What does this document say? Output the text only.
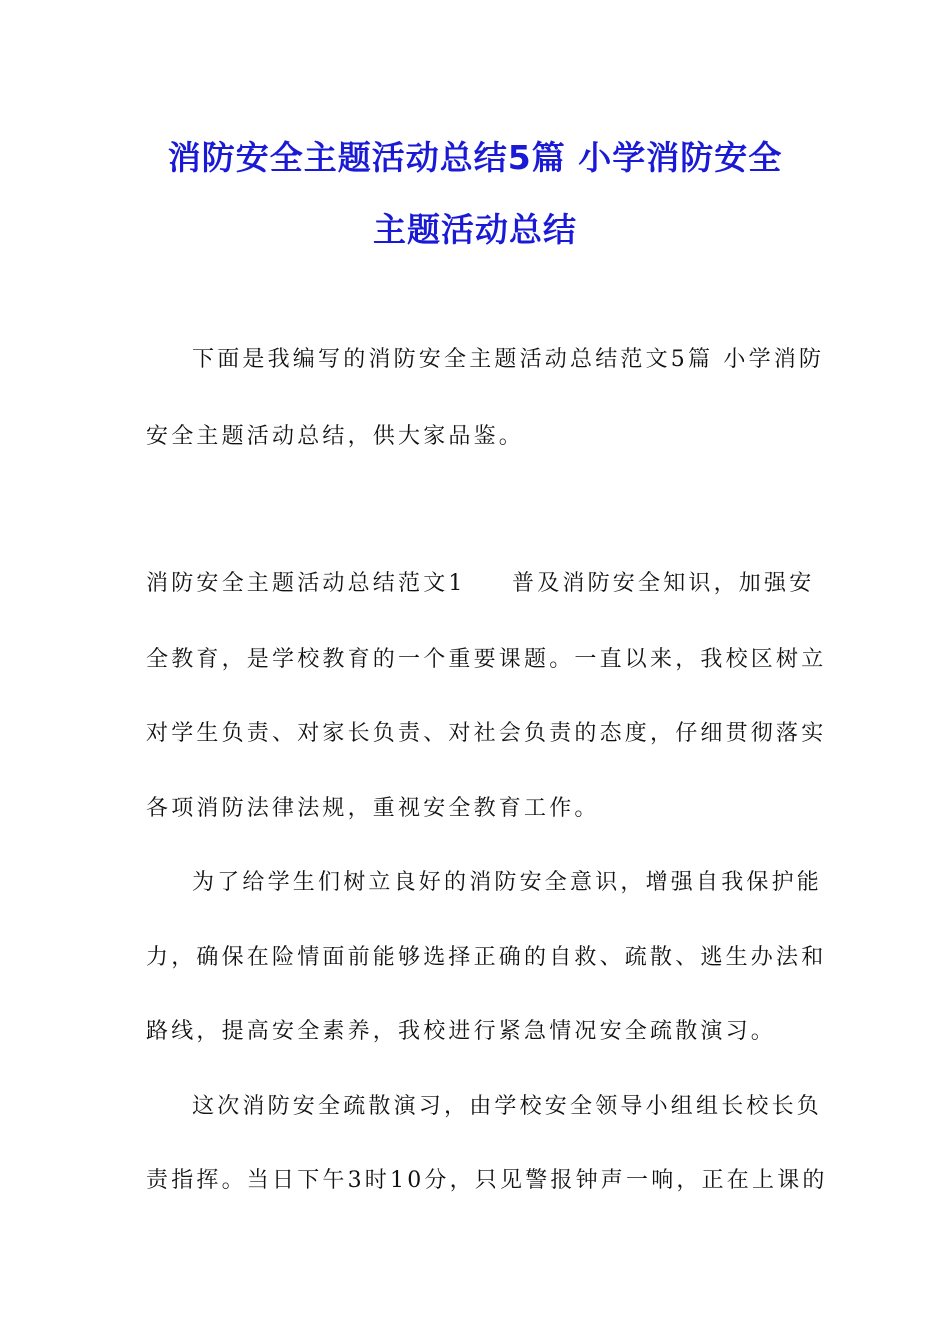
消防安全主题活动总结5篇 小学消防安全
主题活动总结
下面是我编写的消防安全主题活动总结范文5篇 小学消防
安全主题活动总结，供大家品鉴。
消防安全主题活动总结范文1 普及消防安全知识，加强安
全教育，是学校教育的一个重要课题。一直以来，我校区树立
对学生负责、对家长负责、对社会负责的态度，仔细贯彻落实
各项消防法律法规，重视安全教育工作。
为了给学生们树立良好的消防安全意识，增强自我保护能
力，确保在险情面前能够选择正确的自救、疏散、逃生办法和
路线，提高安全素养，我校进行紧急情况安全疏散演习。
这次消防安全疏散演习，由学校安全领导小组组长校长负
责指挥。当日下午3时10分，只见警报钟声一响，正在上课的
